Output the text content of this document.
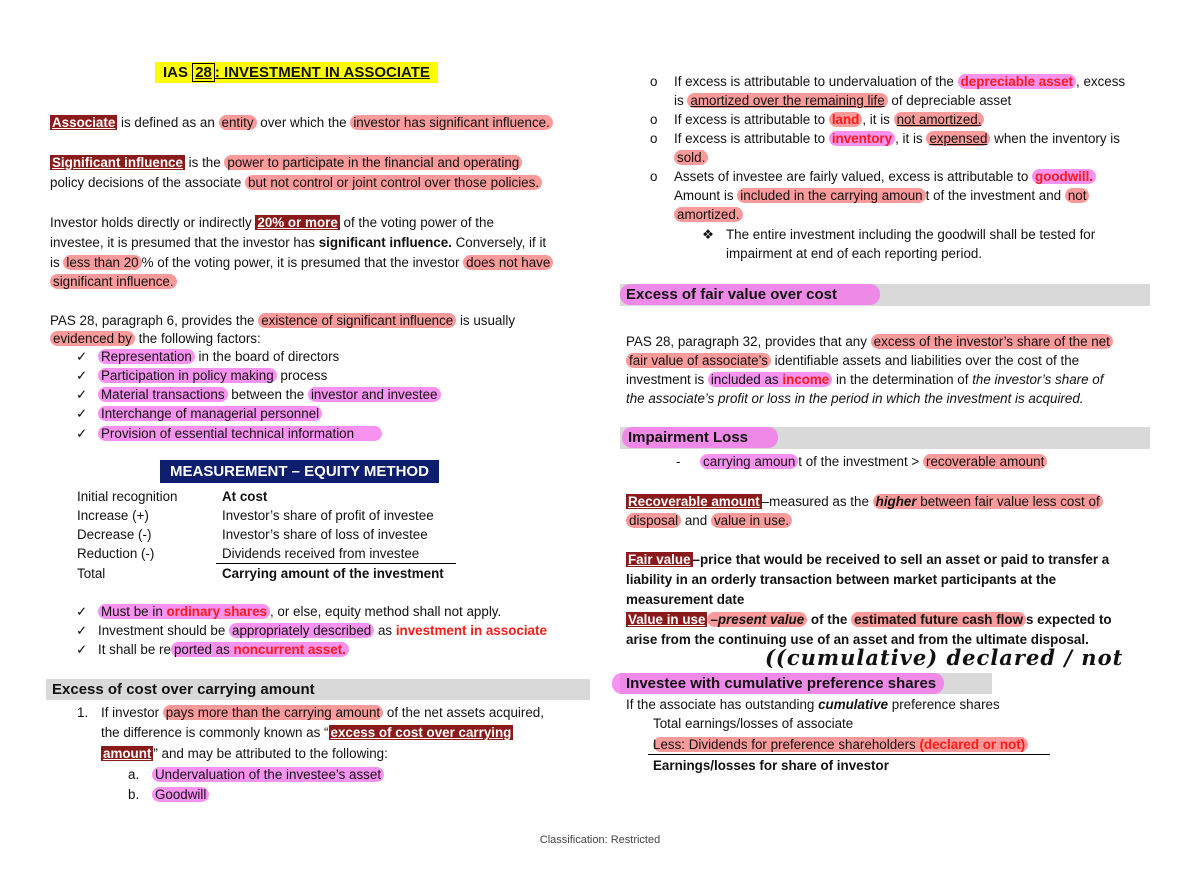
IAS 28 : INVESTMENT IN ASSOCIATE
Associate is defined as an entity over which the investor has significant influence.
Significant influence is the power to participate in the financial and operating
policy decisions of the associate but not control or joint control over those policies.
Investor holds directly or indirectly 20% or more of the voting power of the
investee, it is presumed that the investor has significant influence. Conversely, if it
is less than 20 % of the voting power, it is presumed that the investor does not have
significant influence.
PAS 28, paragraph 6, provides the existence of significant influence is usually
evidenced by the following factors:
✓ Representation in the board of directors
✓ Participation in policy making process
✓ Material transactions between the investor and investee
✓ Interchange of managerial personnel
✓ Provision of essential technical information
MEASUREMENT – EQUITY METHOD
Initial recognition	At cost
Increase (+)	Investor’s share of profit of investee
Decrease (-)	Investor’s share of loss of investee
Reduction (-)	Dividends received from investee
Total	Carrying amount of the investment
✓ Must be in ordinary shares , or else, equity method shall not apply.
✓ Investment should be appropriately described as investment in associate
✓ It shall be re ported as noncurrent asset.
Excess of cost over carrying amount
1. If investor pays more than the carrying amount of the net assets acquired,
the difference is commonly known as “ excess of cost over carrying
amount ” and may be attributed to the following:
a. Undervaluation of the investee’s asset
b. Goodwill
o If excess is attributable to undervaluation of the depreciable asset , excess
is amortized over the remaining life of depreciable asset
o If excess is attributable to land , it is not amortized.
o If excess is attributable to inventory , it is expensed when the inventory is
sold.
o Assets of investee are fairly valued, excess is attributable to goodwill.
Amount is included in the carrying amoun t of the investment and not
amortized.
❖ The entire investment including the goodwill shall be tested for
impairment at end of each reporting period.
Excess of fair value over cost
PAS 28, paragraph 32, provides that any excess of the investor’s share of the net
fair value of associate’s identifiable assets and liabilities over the cost of the
investment is included as income in the determination of the investor’s share of
the associate’s profit or loss in the period in which the investment is acquired.
Impairment Loss
- carrying amoun t of the investment > recoverable amount
Recoverable amount –measured as the higher between fair value less cost of
disposal and value in use.
Fair value –price that would be received to sell an asset or paid to transfer a
liability in an orderly transaction between market participants at the
measurement date
Value in use –present value of the estimated future cash flow s expected to
arise from the continuing use of an asset and from the ultimate disposal.
((cumulative) declared / not
Investee with cumulative preference shares
If the associate has outstanding cumulative preference shares
Total earnings/losses of associate
Less: Dividends for preference shareholders (declared or not)
Earnings/losses for share of investor
Classification: Restricted
